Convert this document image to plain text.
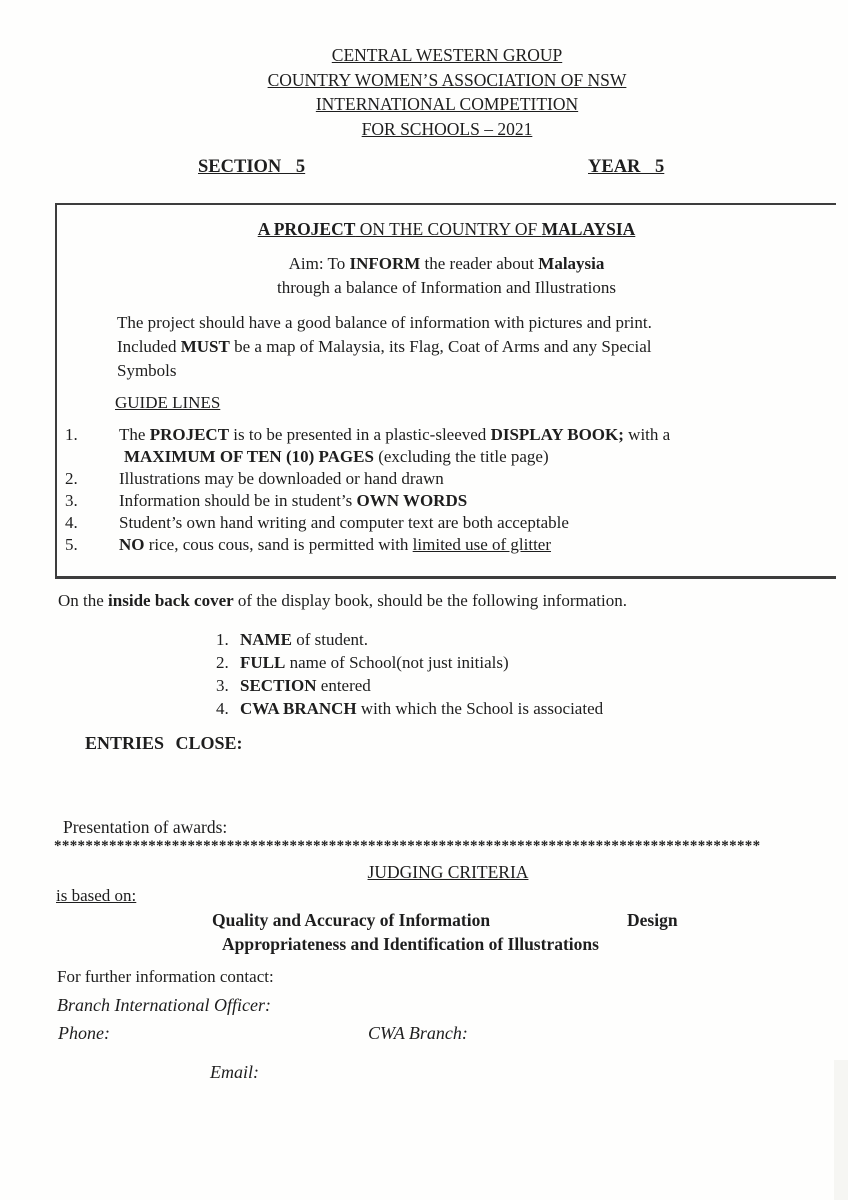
CENTRAL WESTERN GROUP
COUNTRY WOMEN’S ASSOCIATION OF NSW
INTERNATIONAL COMPETITION
FOR SCHOOLS – 2021
SECTION 5	YEAR 5
A PROJECT ON THE COUNTRY OF MALAYSIA
Aim: To INFORM the reader about Malaysia
through a balance of Information and Illustrations
The project should have a good balance of information with pictures and print.
Included MUST be a map of Malaysia, its Flag, Coat of Arms and any Special
Symbols
GUIDE LINES
1.	The PROJECT is to be presented in a plastic-sleeved DISPLAY BOOK; with a
MAXIMUM OF TEN (10) PAGES (excluding the title page)
2.	Illustrations may be downloaded or hand drawn
3.	Information should be in student’s OWN WORDS
4.	Student’s own hand writing and computer text are both acceptable
5.	NO rice, cous cous, sand is permitted with limited use of glitter
On the inside back cover of the display book, should be the following information.
1. NAME of student.
2. FULL name of School(not just initials)
3. SECTION entered
4. CWA BRANCH with which the School is associated
ENTRIES CLOSE:
Presentation of awards:
******************************************************************************************
JUDGING CRITERIA
is based on:
Quality and Accuracy of Information	Design
Appropriateness and Identification of Illustrations
For further information contact:
Branch International Officer:
Phone:	CWA Branch:
Email:
